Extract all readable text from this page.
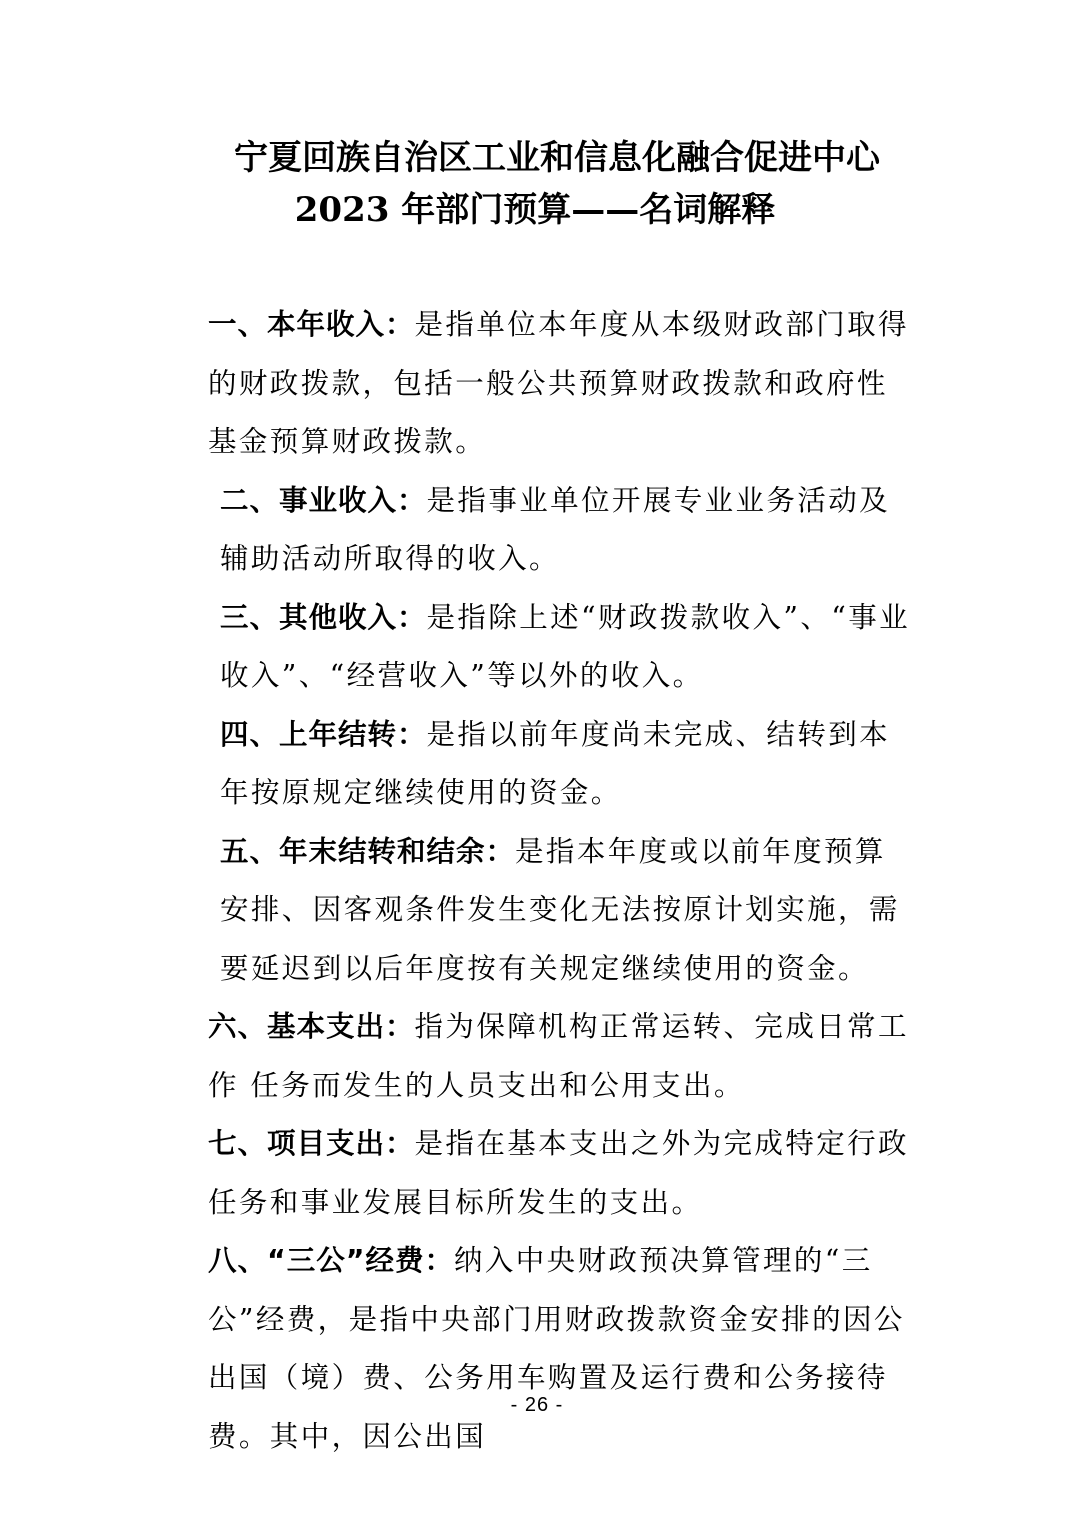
宁夏回族自治区工业和信息化融合促进中心
2023 年部门预算——名词解释

一、本年收入：是指单位本年度从本级财政部门取得的财政拨款，包括一般公共预算财政拨款和政府性基金预算财政拨款。

二、事业收入：是指事业单位开展专业业务活动及辅助活动所取得的收入。

三、其他收入：是指除上述“财政拨款收入”、“事业收入”、“经营收入”等以外的收入。

四、上年结转：是指以前年度尚未完成、结转到本年按原规定继续使用的资金。

五、年末结转和结余：是指本年度或以前年度预算安排、因客观条件发生变化无法按原计划实施，需要延迟到以后年度按有关规定继续使用的资金。

六、基本支出：指为保障机构正常运转、完成日常工作 任务而发生的人员支出和公用支出。

七、项目支出：是指在基本支出之外为完成特定行政任务和事业发展目标所发生的支出。

八、“三公”经费：纳入中央财政预决算管理的“三公”经费，是指中央部门用财政拨款资金安排的因公出国（境）费、公务用车购置及运行费和公务接待费。其中，因公出国

- 26 -
